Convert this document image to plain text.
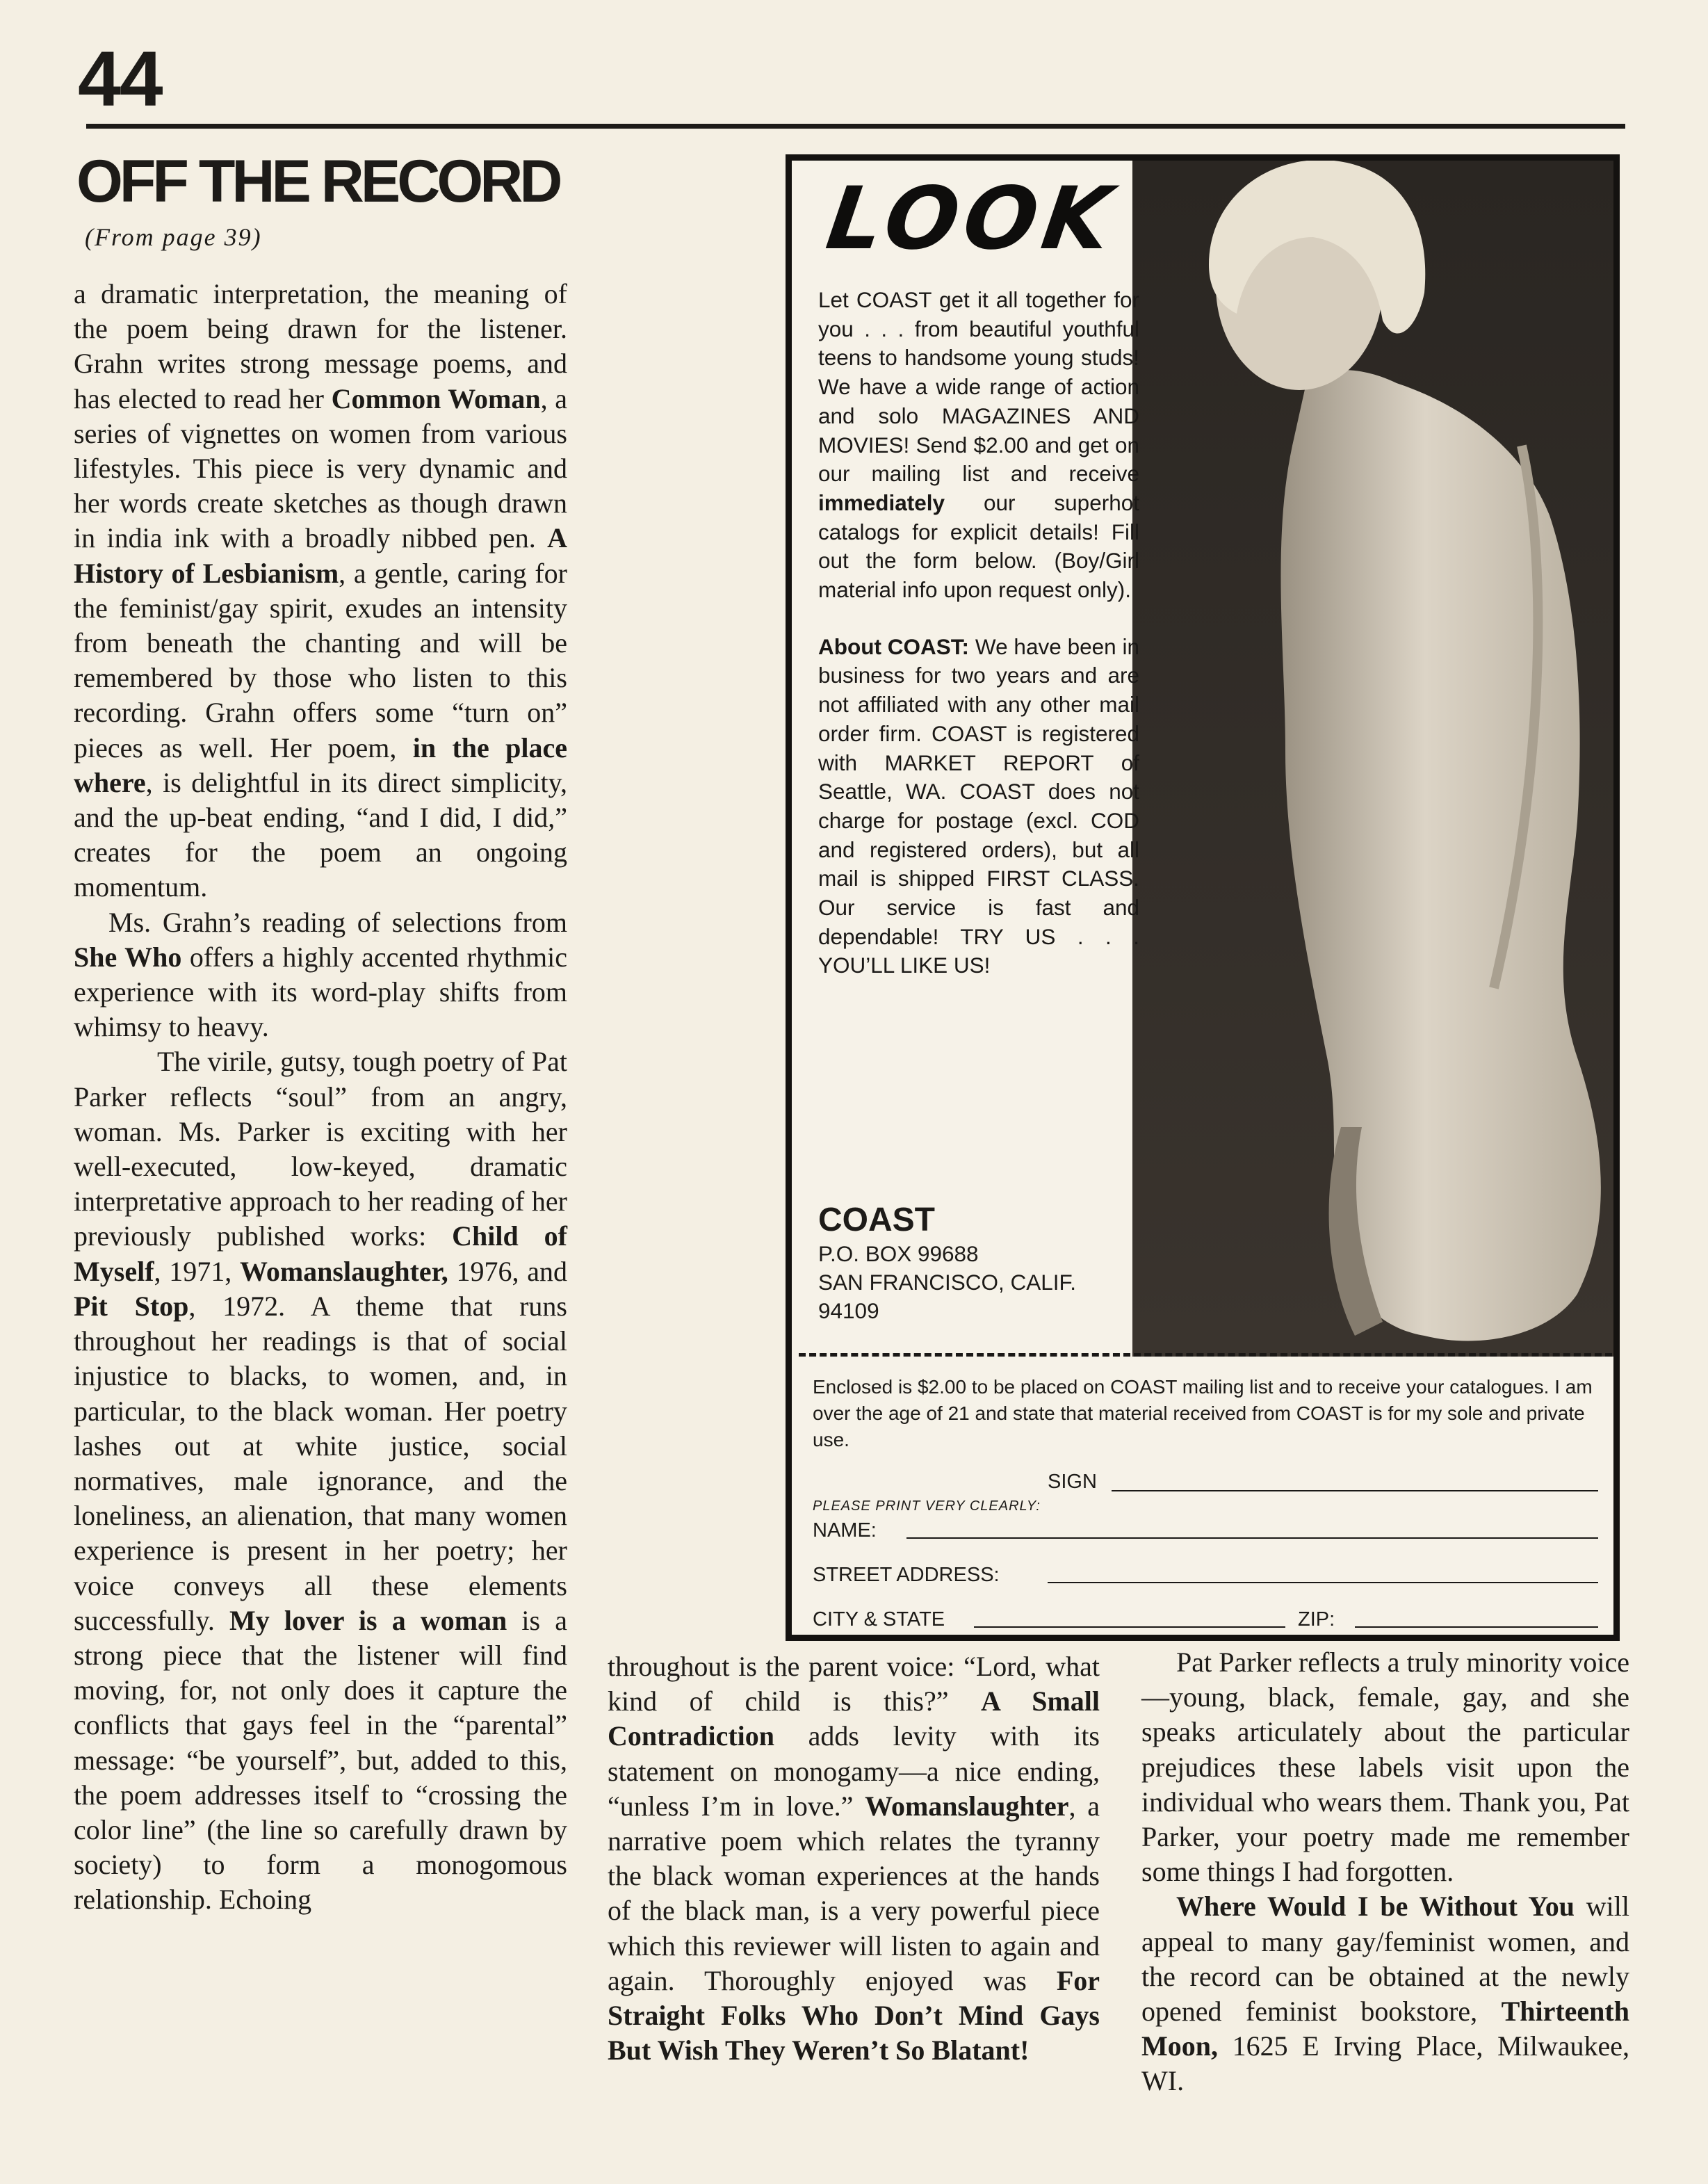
44
OFF THE RECORD
(From page 39)

a dramatic interpretation, the meaning of the poem being drawn for the listener. Grahn writes strong message poems, and has elected to read her Common Woman, a series of vignettes on women from various lifestyles. This piece is very dynamic and her words create sketches as though drawn in india ink with a broadly nibbed pen. A History of Lesbianism, a gentle, caring for the feminist/gay spirit, exudes an intensity from beneath the chanting and will be remembered by those who listen to this recording. Grahn offers some “turn on” pieces as well. Her poem, in the place where, is delightful in its direct simplicity, and the up-beat ending, “and I did, I did,” creates for the poem an ongoing momentum.

Ms. Grahn’s reading of selections from She Who offers a highly accented rhythmic experience with its word-play shifts from whimsy to heavy.

The virile, gutsy, tough poetry of Pat Parker reflects “soul” from an angry, woman. Ms. Parker is exciting with her well-executed, low-keyed, dramatic interpretative approach to her reading of her previously published works: Child of Myself, 1971, Womanslaughter, 1976, and Pit Stop, 1972. A theme that runs throughout her readings is that of social injustice to blacks, to women, and, in particular, to the black woman. Her poetry lashes out at white justice, social normatives, male ignorance, and the loneliness, an alienation, that many women experience is present in her poetry; her voice conveys all these elements successfully. My lover is a woman is a strong piece that the listener will find moving, for, not only does it capture the conflicts that gays feel in the “parental” message: “be yourself”, but, added to this, the poem addresses itself to “crossing the color line” (the line so carefully drawn by society) to form a monogomous relationship. Echoing

throughout is the parent voice: “Lord, what kind of child is this?” A Small Contradiction adds levity with its statement on monogamy—a nice ending, “unless I’m in love.” Womanslaughter, a narrative poem which relates the tyranny the black woman experiences at the hands of the black man, is a very powerful piece which this reviewer will listen to again and again. Thoroughly enjoyed was For Straight Folks Who Don’t Mind Gays But Wish They Weren’t So Blatant!

Pat Parker reflects a truly minority voice—young, black, female, gay, and she speaks articulately about the particular prejudices these labels visit upon the individual who wears them. Thank you, Pat Parker, your poetry made me remember some things I had forgotten.

Where Would I be Without You will appeal to many gay/feminist women, and the record can be obtained at the newly opened feminist bookstore, Thirteenth Moon, 1625 E Irving Place, Milwaukee, WI.

LOOK

Let COAST get it all together for you . . . from beautiful youthful teens to handsome young studs! We have a wide range of action and solo MAGAZINES AND MOVIES! Send $2.00 and get on our mailing list and receive immediately our superhot catalogs for explicit details! Fill out the form below. (Boy/Girl material info upon request only).

About COAST: We have been in business for two years and are not affiliated with any other mail order firm. COAST is registered with MARKET REPORT of Seattle, WA. COAST does not charge for postage (excl. COD and registered orders), but all mail is shipped FIRST CLASS. Our service is fast and dependable! TRY US . . . YOU’LL LIKE US!

COAST
P.O. BOX 99688
SAN FRANCISCO, CALIF.
94109
Enclosed is $2.00 to be placed on COAST mailing list and to receive your catalogues. I am over the age of 21 and state that material received from COAST is for my sole and private use.
SIGN
PLEASE PRINT VERY CLEARLY:
NAME:
STREET ADDRESS:
CITY & STATE	ZIP:
